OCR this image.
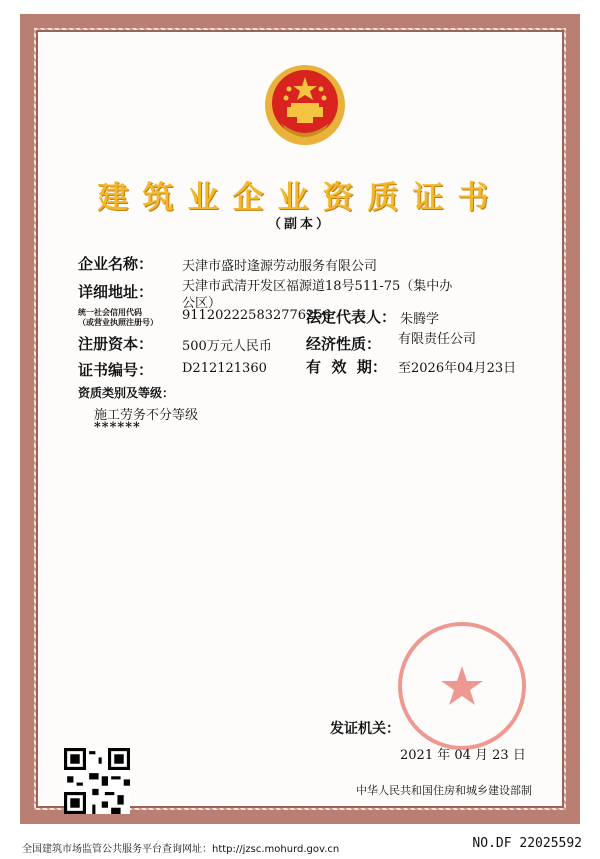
建筑业企业资质证书
（副本）
企业名称： 天津市盛时逢源劳动服务有限公司
详细地址： 天津市武清开发区福源道18号511-75（集中办
公区）
统一社会信用代码
（或营业执照注册号） 911202225832776256
法定代表人： 朱腾学
注册资本： 500万元人民币 经济性质： 有限责任公司
证书编号： D212121360	有  效  期： 至2026年04月23日
资质类别及等级：
施工劳务不分等级
******
发证机关：
2021 年 04 月 23 日
中华人民共和国住房和城乡建设部制
全国建筑市场监管公共服务平台查询网址：http://jzsc.mohurd.gov.cn	NO.DF 22025592
